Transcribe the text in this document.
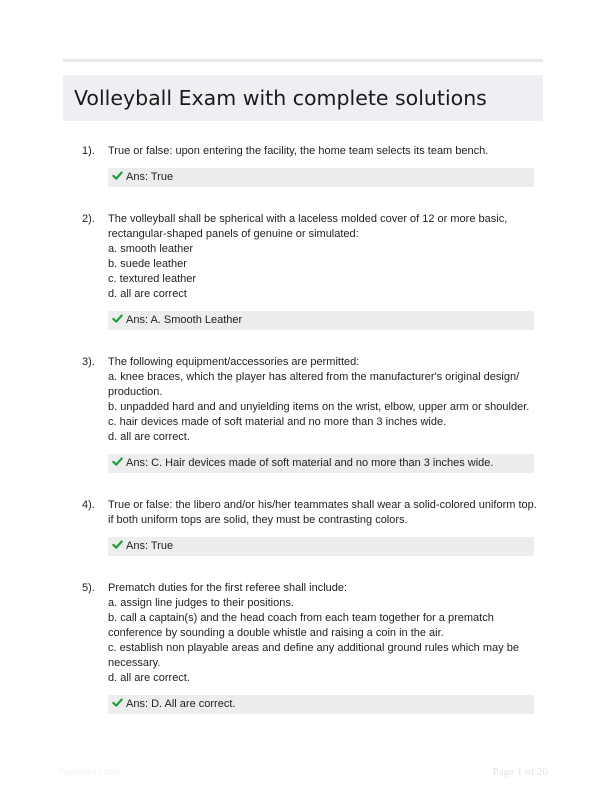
Volleyball Exam with complete solutions
1). True or false: upon entering the facility, the home team selects its team bench.
Ans: True
2). The volleyball shall be spherical with a laceless molded cover of 12 or more basic,
rectangular-shaped panels of genuine or simulated:
a. smooth leather
b. suede leather
c. textured leather
d. all are correct
Ans: A. Smooth Leather
3). The following equipment/accessories are permitted:
a. knee braces, which the player has altered from the manufacturer's original design/
production.
b. unpadded hard and and unyielding items on the wrist, elbow, upper arm or shoulder.
c. hair devices made of soft material and no more than 3 inches wide.
d. all are correct.
Ans: C. Hair devices made of soft material and no more than 3 inches wide.
4). True or false: the libero and/or his/her teammates shall wear a solid-colored uniform top.
if both uniform tops are solid, they must be contrasting colors.
Ans: True
5). Prematch duties for the first referee shall include:
a. assign line judges to their positions.
b. call a captain(s) and the head coach from each team together for a prematch
conference by sounding a double whistle and raising a coin in the air.
c. establish non playable areas and define any additional ground rules which may be
necessary.
d. all are correct.
Ans: D. All are correct.
PaperMbio.com	Page 1 of 20
